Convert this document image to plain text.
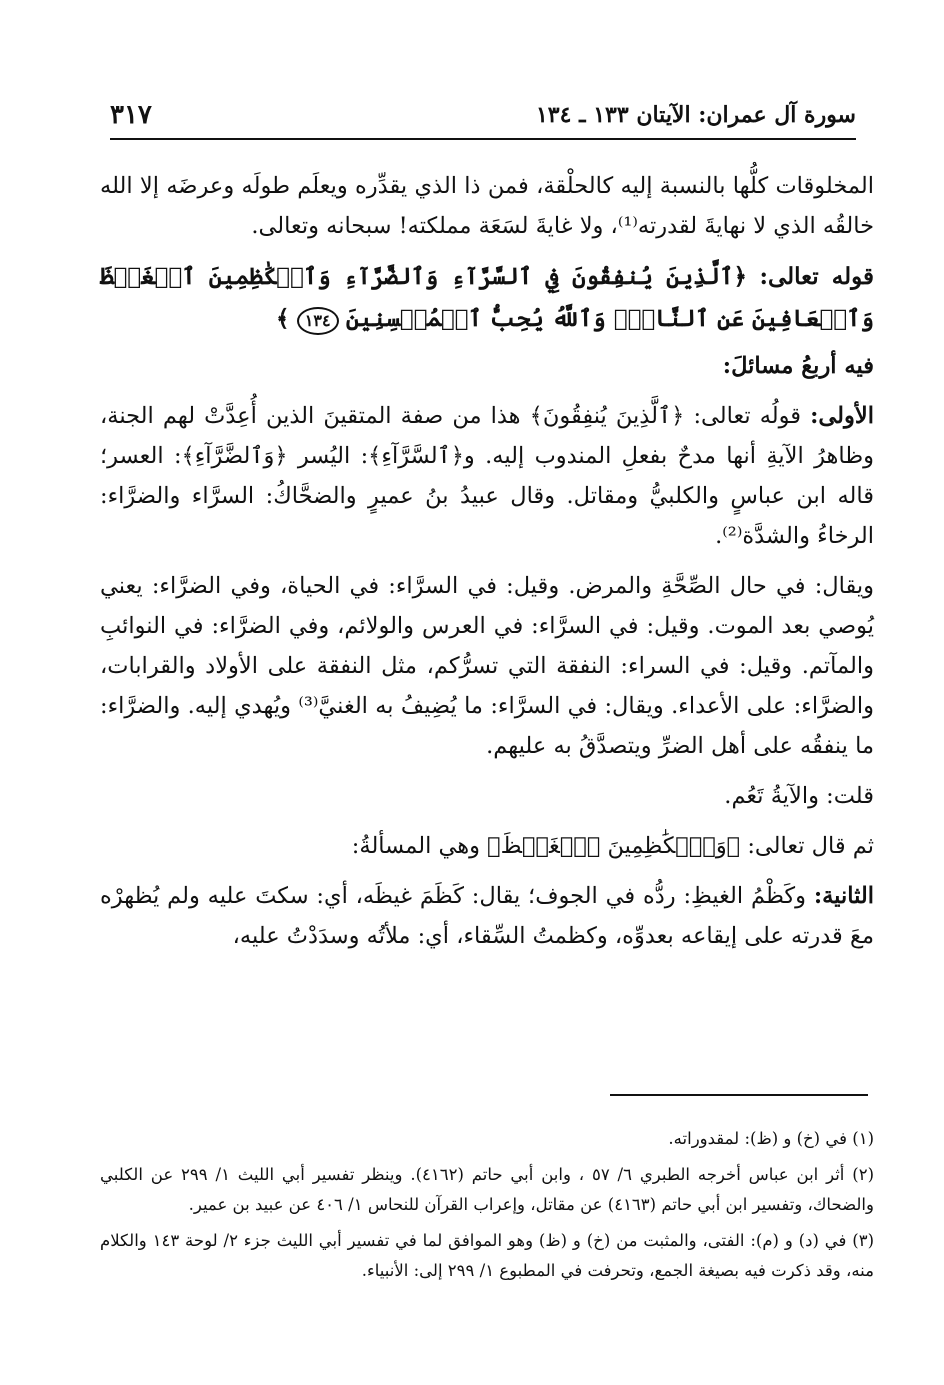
سورة آل عمران: الآيتان ١٣٣ ـ ١٣٤
٣١٧

المخلوقات كلُّها بالنسبة إليه كالحلْقة، فمن ذا الذي يقدِّره ويعلَم طولَه وعرضَه إلا الله خالقُه الذي لا نهايةَ لقدرته⁽¹⁾، ولا غايةَ لسَعَة مملكته! سبحانه وتعالى.

قوله تعالى: ﴿ٱلَّذِينَ يُنفِقُونَ فِي ٱلسَّرَّآءِ وَٱلضَّرَّآءِ وَٱلۡكَٰظِمِينَ ٱلۡغَيۡظَ وَٱلۡعَافِينَ عَنِ ٱلنَّاسِۗ وَٱللَّهُ يُحِبُّ ٱلۡمُحۡسِنِينَ ١٣٤ ﴾

فيه أربعُ مسائلَ:

الأولى: قولُه تعالى: ﴿ٱلَّذِينَ يُنفِقُونَ﴾ هذا من صفة المتقينَ الذين أُعِدَّتْ لهم الجنة، وظاهرُ الآيةِ أنها مدحٌ بفعلِ المندوب إليه. و﴿ٱلسَّرَّآءِ﴾: اليُسر ﴿وَٱلضَّرَّآءِ﴾: العسر؛ قاله ابن عباسٍ والكلبيُّ ومقاتل. وقال عبيدُ بنُ عميرٍ والضحَّاكُ: السرَّاء والضرَّاء: الرخاءُ والشدَّة⁽²⁾.

ويقال: في حال الصِّحَّةِ والمرض. وقيل: في السرَّاء: في الحياة، وفي الضرَّاء: يعني يُوصي بعد الموت. وقيل: في السرَّاء: في العرس والولائم، وفي الضرَّاء: في النوائبِ والمآتم. وقيل: في السراء: النفقة التي تسرُّكم، مثل النفقة على الأولاد والقرابات، والضرَّاء: على الأعداء. ويقال: في السرَّاء: ما يُضِيفُ به الغنيَّ⁽³⁾ ويُهدي إليه. والضرَّاء: ما ينفقُه على أهل الضرِّ ويتصدَّقُ به عليهم.

قلت: والآيةُ تَعُم.

ثم قال تعالى: ﴿وَٱلۡكَٰظِمِينَ ٱلۡغَيۡظَ﴾ وهي المسألةُ:

الثانية: وكَظْمُ الغيظِ: ردُّه في الجوف؛ يقال: كَظَمَ غيظَه، أي: سكتَ عليه ولم يُظهرْه معَ قدرته على إيقاعه بعدوِّه، وكظمتُ السِّقاء، أي: ملأتُه وسدَدْتُ عليه،

(١) في (خ) و (ظ): لمقدوراته.

(٢) أثر ابن عباس أخرجه الطبري ٦/ ٥٧ ، وابن أبي حاتم (٤١٦٢). وينظر تفسير أبي الليث ١/ ٢٩٩ عن الكلبي والضحاك، وتفسير ابن أبي حاتم (٤١٦٣) عن مقاتل، وإعراب القرآن للنحاس ١/ ٤٠٦ عن عبيد بن عمير.

(٣) في (د) و (م): الفتى، والمثبت من (خ) و (ظ) وهو الموافق لما في تفسير أبي الليث جزء ٢/ لوحة ١٤٣ والكلام منه، وقد ذكرت فيه بصيغة الجمع، وتحرفت في المطبوع ١/ ٢٩٩ إلى: الأنبياء.
